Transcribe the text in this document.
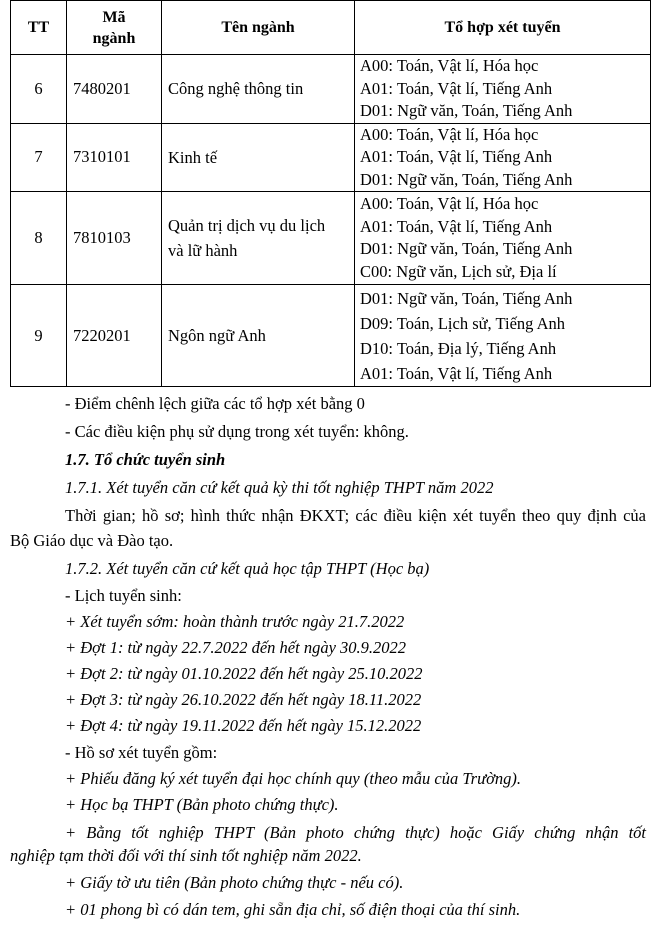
TT	Mã ngành	Tên ngành	Tổ hợp xét tuyển
6	7480201	Công nghệ thông tin	A00: Toán, Vật lí, Hóa học
A01: Toán, Vật lí, Tiếng Anh
D01: Ngữ văn, Toán, Tiếng Anh

7	7310101	Kinh tế	A00: Toán, Vật lí, Hóa học
A01: Toán, Vật lí, Tiếng Anh
D01: Ngữ văn, Toán, Tiếng Anh

8	7810103	Quản trị dịch vụ du lịch và lữ hành	A00: Toán, Vật lí, Hóa học
A01: Toán, Vật lí, Tiếng Anh
D01: Ngữ văn, Toán, Tiếng Anh
C00: Ngữ văn, Lịch sử, Địa lí

9	7220201	Ngôn ngữ Anh	D01: Ngữ văn, Toán, Tiếng Anh
D09: Toán, Lịch sử, Tiếng Anh
D10: Toán, Địa lý, Tiếng Anh
A01: Toán, Vật lí, Tiếng Anh
- Điểm chênh lệch giữa các tổ hợp xét bằng 0
- Các điều kiện phụ sử dụng trong xét tuyển: không.
1.7. Tổ chức tuyển sinh
1.7.1. Xét tuyển căn cứ kết quả kỳ thi tốt nghiệp THPT năm 2022
Thời gian; hồ sơ; hình thức nhận ĐKXT; các điều kiện xét tuyển theo quy định của
Bộ Giáo dục và Đào tạo.
1.7.2. Xét tuyển căn cứ kết quả học tập THPT (Học bạ)
- Lịch tuyển sinh:
+ Xét tuyển sớm: hoàn thành trước ngày 21.7.2022
+ Đợt 1: từ ngày 22.7.2022 đến hết ngày 30.9.2022
+ Đợt 2: từ ngày 01.10.2022 đến hết ngày 25.10.2022
+ Đợt 3: từ ngày 26.10.2022 đến hết ngày 18.11.2022
+ Đợt 4: từ ngày 19.11.2022 đến hết ngày 15.12.2022
- Hồ sơ xét tuyển gồm:
+ Phiếu đăng ký xét tuyển đại học chính quy (theo mẫu của Trường).
+ Học bạ THPT (Bản photo chứng thực).
+ Bằng tốt nghiệp THPT (Bản photo chứng thực) hoặc Giấy chứng nhận tốt
nghiệp tạm thời đối với thí sinh tốt nghiệp năm 2022.
+ Giấy tờ ưu tiên (Bản photo chứng thực - nếu có).
+ 01 phong bì có dán tem, ghi sẵn địa chỉ, số điện thoại của thí sinh.
